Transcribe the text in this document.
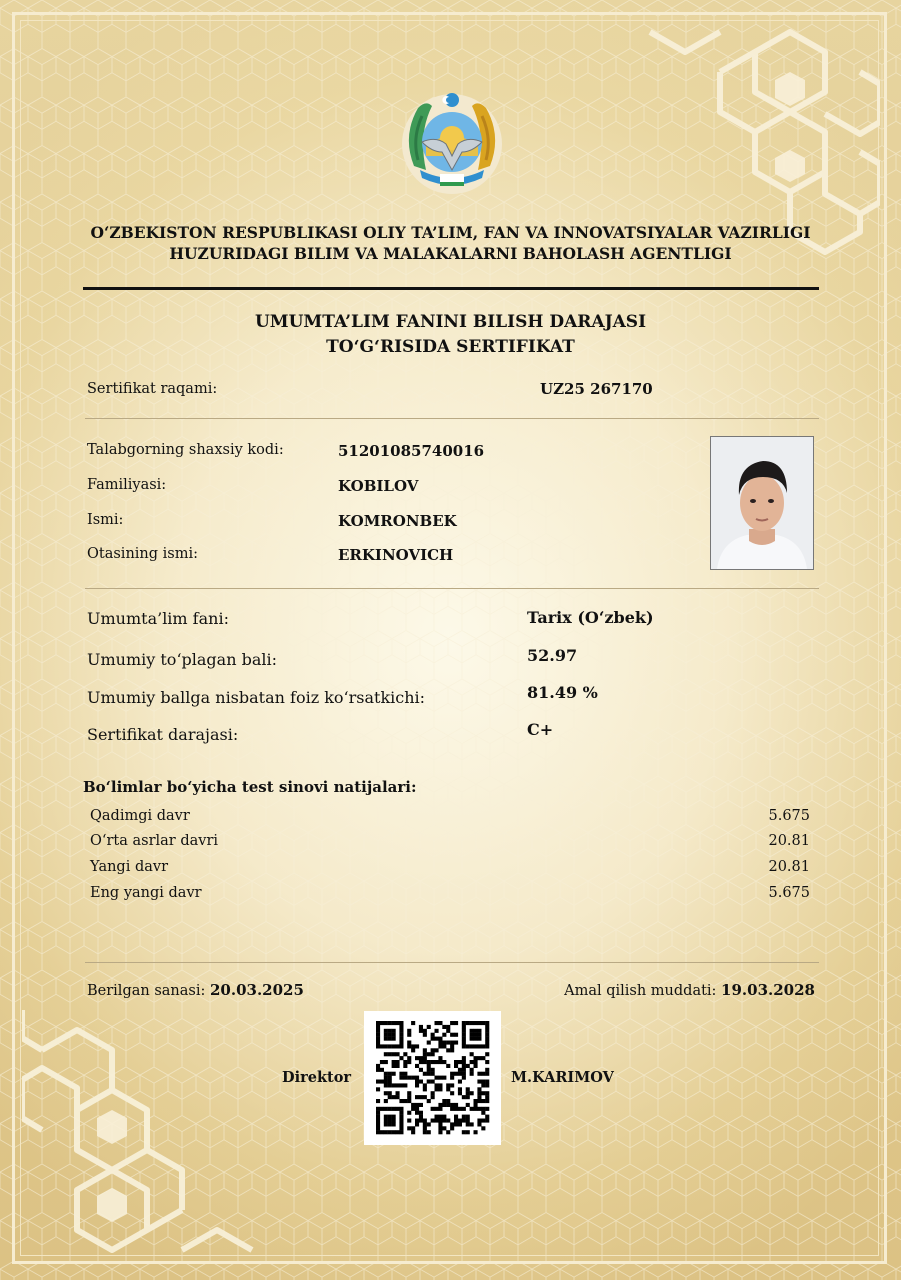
O‘ZBEKISTON RESPUBLIKASI OLIY TA’LIM, FAN VA INNOVATSIYALAR VAZIRLIGI
HUZURIDAGI BILIM VA MALAKALARNI BAHOLASH AGENTLIGI
UMUMTA’LIM FANINI BILISH DARAJASI
TO‘G‘RISIDA SERTIFIKAT
Sertifikat raqami:	UZ25 267170
Talabgorning shaxsiy kodi:	51201085740016
Familiyasi:	KOBILOV
Ismi:	KOMRONBEK
Otasining ismi:	ERKINOVICH
Umumta’lim fani:	Tarix (O‘zbek)
Umumiy to‘plagan bali:	52.97
Umumiy ballga nisbatan foiz ko‘rsatkichi:	81.49 %
Sertifikat darajasi:	C+
Bo‘limlar bo‘yicha test sinovi natijalari:
Qadimgi davr	5.675
O‘rta asrlar davri	20.81
Yangi davr	20.81
Eng yangi davr	5.675
Berilgan sanasi: 20.03.2025	Amal qilish muddati: 19.03.2028
Direktor	M.KARIMOV
